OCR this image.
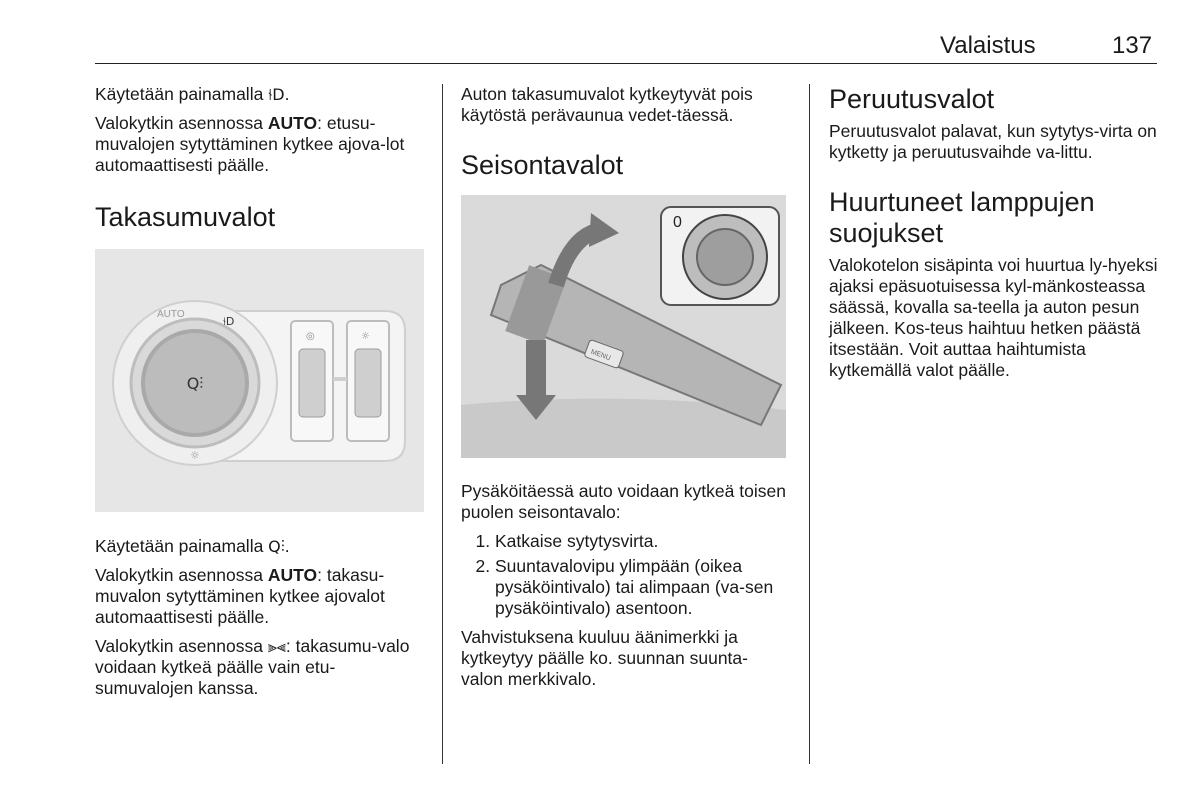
Valaistus	137

Käytetään painamalla ⫮D.

Valokytkin asennossa AUTO: etusu-muvalojen sytyttäminen kytkee ajova-lot automaattisesti päälle.

Takasumuvalot
Q⫶
AUTO
⫮D
☼
◎	☼

Käytetään painamalla Q⫶.

Valokytkin asennossa AUTO: takasu-muvalon sytyttäminen kytkee ajovalot automaattisesti päälle.

Valokytkin asennossa ⫸⫷: takasumu-valo voidaan kytkeä päälle vain etu-sumuvalojen kanssa.

Auton takasumuvalot kytkeytyvät pois käytöstä perävaunua vedet-täessä.

Seisontavalot
MENU
0

Pysäköitäessä auto voidaan kytkeä toisen puolen seisontavalo:

1. Katkaise sytytysvirta.
2. Suuntavalovipu ylimpään (oikea pysäköintivalo) tai alimpaan (va-sen pysäköintivalo) asentoon.

Vahvistuksena kuuluu äänimerkki ja kytkeytyy päälle ko. suunnan suunta-valon merkkivalo.

Peruutusvalot

Peruutusvalot palavat, kun sytytys-virta on kytketty ja peruutusvaihde va-littu.

Huurtuneet lamppujen suojukset

Valokotelon sisäpinta voi huurtua ly-hyeksi ajaksi epäsuotuisessa kyl-mänkosteassa säässä, kovalla sa-teella ja auton pesun jälkeen. Kos-teus haihtuu hetken päästä itsestään. Voit auttaa haihtumista kytkemällä valot päälle.
